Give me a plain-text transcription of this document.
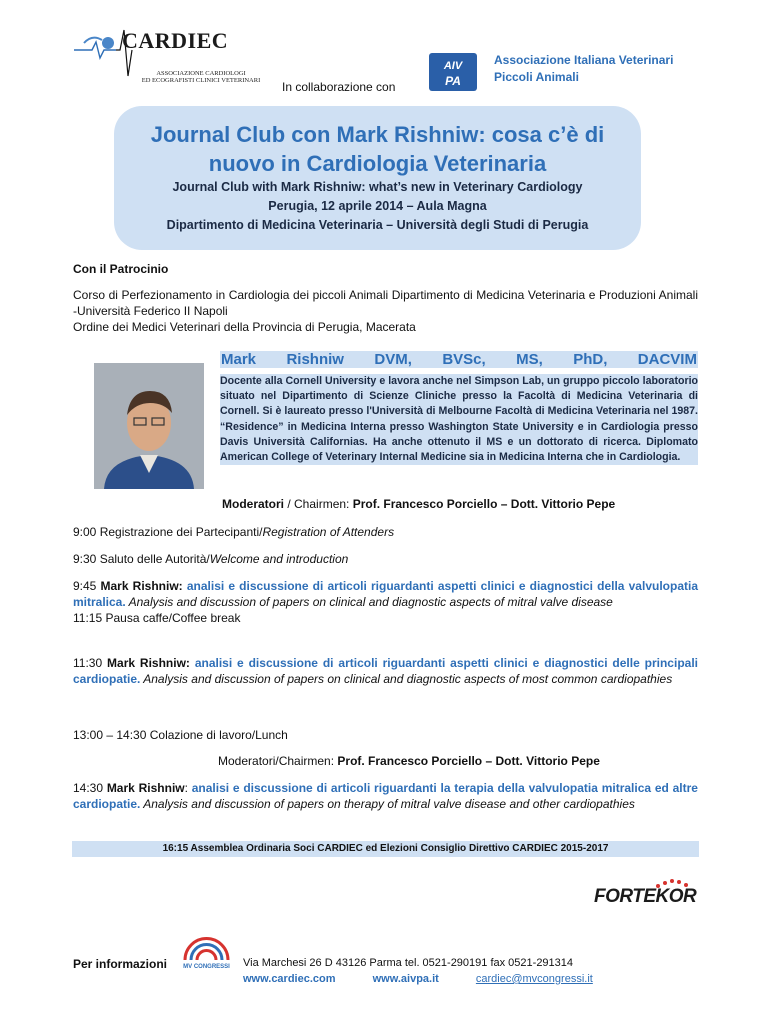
CARDIEC
ASSOCIAZIONE CARDIOLOGI
ED ECOGRAFISTI CLINICI VETERINARI	In collaborazione con
AIV
PA
Associazione Italiana Veterinari
Piccoli Animali
Journal Club con Mark Rishniw: cosa c’è di
nuovo in Cardiologia Veterinaria
Journal Club with Mark Rishniw: what’s new in Veterinary Cardiology
Perugia, 12 aprile 2014 – Aula Magna
Dipartimento di Medicina Veterinaria – Università degli Studi di Perugia
Con il Patrocinio
Corso di Perfezionamento in Cardiologia dei piccoli Animali Dipartimento di Medicina Veterinaria e Produzioni Animali -Università Federico II Napoli
Ordine dei Medici Veterinari della Provincia di Perugia, Macerata
Mark Rishniw DVM, BVSc, MS, PhD, DACVIM
Docente alla Cornell University e lavora anche nel Simpson Lab, un gruppo piccolo laboratorio situato nel Dipartimento di Scienze Cliniche presso la Facoltà di Medicina Veterinaria di Cornell. Si è laureato presso l'Università di Melbourne Facoltà di Medicina Veterinaria nel 1987. “Residence” in Medicina Interna presso Washington State University e in Cardiologia presso Davis Università Californias. Ha anche ottenuto il MS e un dottorato di ricerca. Diplomato American College of Veterinary Internal Medicine sia in Medicina Interna che in Cardiologia.
Moderatori / Chairmen: Prof. Francesco Porciello – Dott. Vittorio Pepe
9:00 Registrazione dei Partecipanti/Registration of Attenders
9:30 Saluto delle Autorità/Welcome and introduction
9:45 Mark Rishniw: analisi e discussione di articoli riguardanti aspetti clinici e diagnostici della valvulopatia mitralica. Analysis and discussion of papers on clinical and diagnostic aspects of mitral valve disease
11:15 Pausa caffe/Coffee break
11:30 Mark Rishniw: analisi e discussione di articoli riguardanti aspetti clinici e diagnostici delle principali cardiopatie. Analysis and discussion of papers on clinical and diagnostic aspects of most common cardiopathies
13:00 – 14:30 Colazione di lavoro/Lunch
Moderatori/Chairmen: Prof. Francesco Porciello – Dott. Vittorio Pepe
14:30 Mark Rishniw: analisi e discussione di articoli riguardanti la terapia della valvulopatia mitralica ed altre cardiopatie. Analysis and discussion of papers on therapy of mitral valve disease and other cardiopathies
16:15 Assemblea Ordinaria Soci CARDIEC ed Elezioni Consiglio Direttivo CARDIEC 2015-2017
FORTEKOR
Per informazioni	MV CONGRESSI Via Marchesi 26 D 43126 Parma tel. 0521-290191 fax 0521-291314
www.cardiec.com	www.aivpa.it	cardiec@mvcongressi.it
